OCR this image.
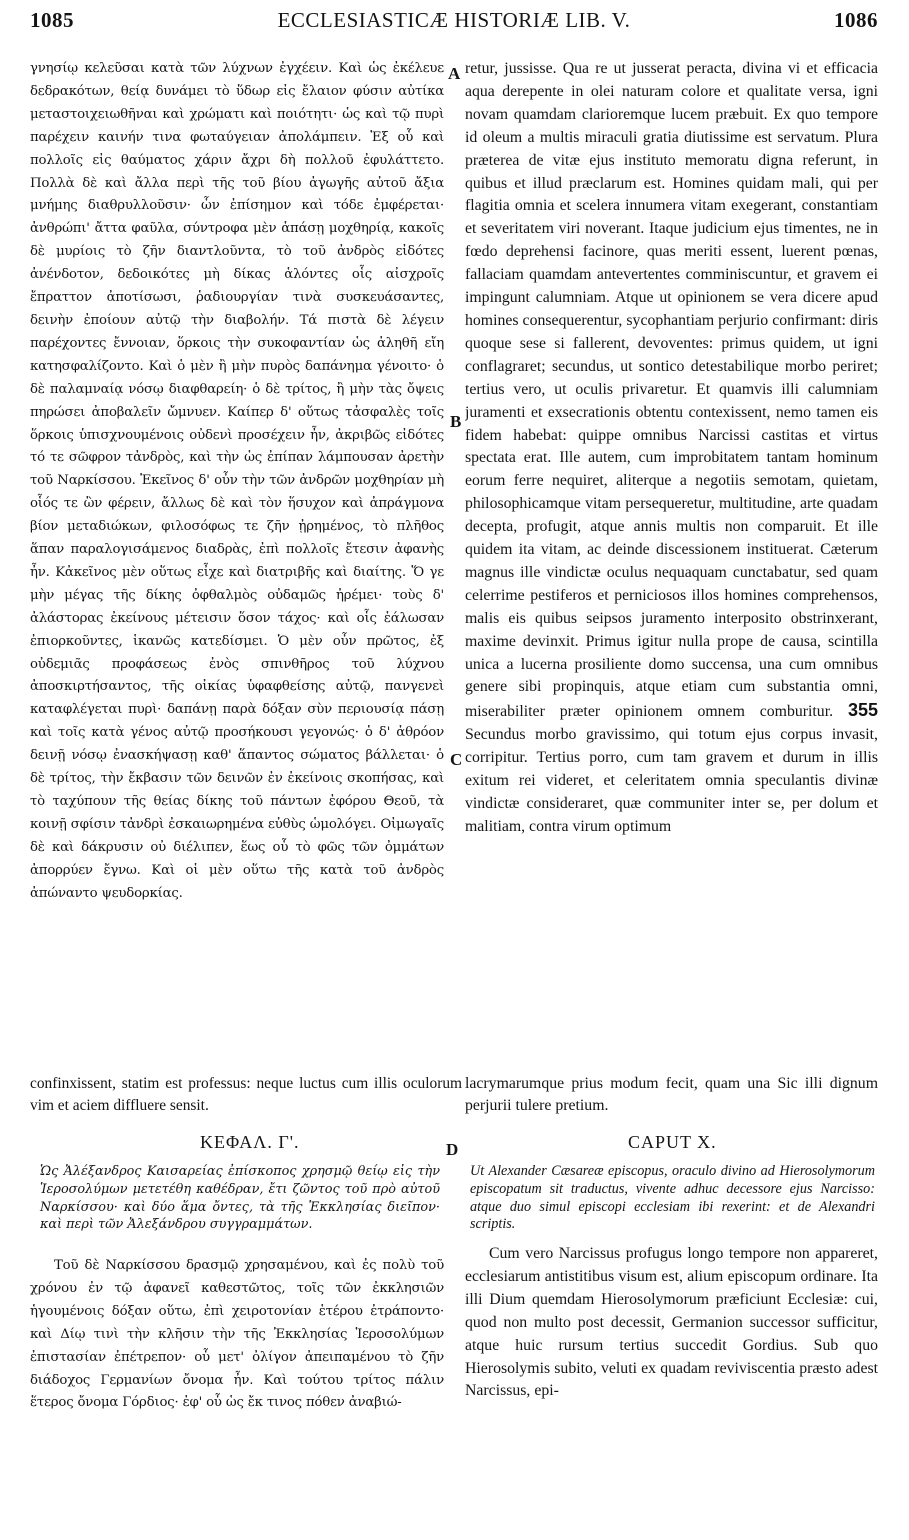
ECCLESIASTICÆ HISTORIÆ LIB. V.
1085	1086

γνησίῳ κελεῦσαι κατὰ τῶν λύχνων ἐγχέειν. Καὶ ὡς ἐκέλευε δεδρακότων, θείᾳ δυνάμει τὸ ὕδωρ εἰς ἔλαιον φύσιν αὐτίκα μεταστοιχειωθῆναι καὶ χρώματι καὶ ποιότητι· ὡς καὶ τῷ πυρὶ παρέχειν καινήν τινα φωταύγειαν ἀπολάμπειν. Ἐξ οὗ καὶ πολλοῖς εἰς θαύματος χάριν ἄχρι δὴ πολλοῦ ἐφυλάττετο. Πολλὰ δὲ καὶ ἄλλα περὶ τῆς τοῦ βίου ἀγωγῆς αὐτοῦ ἄξια μνήμης διαθρυλλοῦσιν· ὧν ἐπίσημον καὶ τόδε ἐμφέρεται· ἀνθρώπι' ἄττα φαῦλα, σύντροφα μὲν ἁπάσῃ μοχθηρίᾳ, κακοῖς δὲ μυρίοις τὸ ζῆν διαντλοῦντα, τὸ τοῦ ἀνδρὸς εἰδότες ἀνένδοτον, δεδοικότες μὴ δίκας ἁλόντες οἷς αἰσχροῖς ἔπραττον ἀποτίσωσι, ῥαδιουργίαν τινὰ συσκευάσαντες, δεινὴν ἐποίουν αὐτῷ τὴν διαβολήν. Τά πιστὰ δὲ λέγειν παρέχοντες ἔννοιαν, ὅρκοις τὴν συκοφαντίαν ὡς ἀληθῆ εἴη κατησφαλίζοντο. Καὶ ὁ μὲν ἢ μὴν πυρὸς δαπάνημα γένοιτο· ὁ δὲ παλαμναίᾳ νόσῳ διαφθαρείη· ὁ δὲ τρίτος, ἢ μὴν τὰς ὄψεις πηρώσει ἀποβαλεῖν ὤμνυεν. Καίπερ δ' οὕτως τἀσφαλὲς τοῖς ὅρκοις ὑπισχνουμένοις οὐδενὶ προσέχειν ἦν, ἀκριβῶς εἰδότες τό τε σῶφρον τἀνδρὸς, καὶ τὴν ὡς ἐπίπαν λάμπουσαν ἀρετὴν τοῦ Ναρκίσσου. Ἐκεῖνος δ' οὖν τὴν τῶν ἀνδρῶν μοχθηρίαν μὴ οἷός τε ὢν φέρειν, ἄλλως δὲ καὶ τὸν ἥσυχον καὶ ἀπράγμονα βίον μεταδιώκων, φιλοσόφως τε ζῆν ᾐρημένος, τὸ πλῆθος ἅπαν παραλογισάμενος διαδρὰς, ἐπὶ πολλοῖς ἔτεσιν ἀφανὴς ἦν. Κἀκεῖνος μὲν οὕτως εἶχε καὶ διατριβῆς καὶ διαίτης. Ὅ γε μὴν μέγας τῆς δίκης ὀφθαλμὸς οὐδαμῶς ἠρέμει· τοὺς δ' ἀλάστορας ἐκείνους μέτεισιν ὅσον τάχος· καὶ οἷς ἑάλωσαν ἐπιορκοῦντες, ἱκανῶς κατεδίσμει. Ὁ μὲν οὖν πρῶτος, ἐξ οὐδεμιᾶς προφάσεως ἐνὸς σπινθῆρος τοῦ λύχνου ἀποσκιρτήσαντος, τῆς οἰκίας ὑφαφθείσης αὐτῷ, πανγενεὶ καταφλέγεται πυρὶ· δαπάνῃ παρὰ δόξαν σὺν περιουσίᾳ πάσῃ καὶ τοῖς κατὰ γένος αὐτῷ προσήκουσι γεγονώς· ὁ δ' ἀθρόον δεινῇ νόσῳ ἐνασκήψασῃ καθ' ἅπαντος σώματος βάλλεται· ὁ δὲ τρίτος, τὴν ἔκβασιν τῶν δεινῶν ἐν ἐκείνοις σκοπήσας, καὶ τὸ ταχύπουν τῆς θείας δίκης τοῦ πάντων ἐφόρου Θεοῦ, τὰ κοινῇ σφίσιν τἀνδρὶ ἐσκαιωρημένα εὐθὺς ὡμολόγει. Οἰμωγαῖς δὲ καὶ δάκρυσιν οὐ διέλιπεν, ἕως οὗ τὸ φῶς τῶν ὀμμάτων ἀπορρύεν ἔγνω. Καὶ οἱ μὲν οὕτω τῆς κατὰ τοῦ ἀνδρὸς ἀπώναντο ψευδορκίας.

A
B
C
D

retur, jussisse. Qua re ut jusserat peracta, divina vi et efficacia aqua derepente in olei naturam colore et qualitate versa, igni novam quamdam clarioremque lucem præbuit. Ex quo tempore id oleum a multis miraculi gratia diutissime est servatum. Plura præterea de vitæ ejus instituto memoratu digna referunt, in quibus et illud præclarum est. Homines quidam mali, qui per flagitia omnia et scelera innumera vitam exegerant, constantiam et severitatem viri noverant. Itaque judicium ejus timentes, ne in fœdo deprehensi facinore, quas meriti essent, luerent pœnas, fallaciam quamdam antevertentes comminiscuntur, et gravem ei impingunt calumniam. Atque ut opinionem se vera dicere apud homines consequerentur, sycophantiam perjurio confirmant: diris quoque sese si fallerent, devoventes: primus quidem, ut igni conflagraret; secundus, ut sontico detestabilique morbo periret; tertius vero, ut oculis privaretur. Et quamvis illi calumniam juramenti et exsecrationis obtentu contexissent, nemo tamen eis fidem habebat: quippe omnibus Narcissi castitas et virtus spectata erat. Ille autem, cum improbitatem tantam hominum eorum ferre nequiret, aliterque a negotiis semotam, quietam, philosophicamque vitam persequeretur, multitudine, arte quadam decepta, profugit, atque annis multis non comparuit. Et ille quidem ita vitam, ac deinde discessionem instituerat. Cæterum magnus ille vindictæ oculus nequaquam cunctabatur, sed quam celerrime pestiferos et perniciosos illos homines comprehensos, malis eis quibus seipsos juramento interposito obstrinxerant, maxime devinxit. Primus igitur nulla prope de causa, scintilla unica a lucerna prosiliente domo succensa, una cum omnibus genere sibi propinquis, atque etiam cum substantia omni, miserabiliter præter opinionem omnem comburitur. 355 Secundus morbo gravissimo, qui totum ejus corpus invasit, corripitur. Tertius porro, cum tam gravem et durum in illis exitum rei videret, et celeritatem omnia speculantis divinæ vindictæ consideraret, quæ communiter inter se, per dolum et malitiam, contra virum optimum

confinxissent, statim est professus: neque luctus cum illis oculorum vim et aciem diffluere sensit.

lacrymarumque prius modum fecit, quam una Sic illi dignum perjurii tulere pretium.

ΚΕΦΑΛ. Γ'.	CAPUT X.
Ὡς Ἀλέξανδρος Καισαρείας ἐπίσκοπος χρησμῷ θείῳ εἰς τὴν Ἱεροσολύμων μετετέθη καθέδραν, ἔτι ζῶντος τοῦ πρὸ αὐτοῦ Ναρκίσσου· καὶ δύο ἅμα ὄντες, τὰ τῆς Ἐκκλησίας διεῖπον· καὶ περὶ τῶν Ἀλεξάνδρου συγγραμμάτων.
Ut Alexander Cæsareæ episcopus, oraculo divino ad Hierosolymorum episcopatum sit traductus, vivente adhuc decessore ejus Narcisso: atque duo simul episcopi ecclesiam ibi rexerint: et de Alexandri scriptis.

Τοῦ δὲ Ναρκίσσου δρασμῷ χρησαμένου, καὶ ἐς πολὺ τοῦ χρόνου ἐν τῷ ἀφανεῖ καθεστῶτος, τοῖς τῶν ἐκκλησιῶν ἡγουμένοις δόξαν οὕτω, ἐπὶ χειροτονίαν ἑτέρου ἐτράποντο· καὶ Δίῳ τινὶ τὴν κλῆσιν τὴν τῆς Ἐκκλησίας Ἱεροσολύμων ἐπιστασίαν ἐπέτρεπον· οὗ μετ' ὀλίγον ἀπειπαμένου τὸ ζῆν διάδοχος Γερμανίων ὄνομα ἦν. Καὶ τούτου τρίτος πάλιν ἕτερος ὄνομα Γόρδιος· ἐφ' οὗ ὡς ἔκ τινος πόθεν ἀναβιώ-

Cum vero Narcissus profugus longo tempore non appareret, ecclesiarum antistitibus visum est, alium episcopum ordinare. Ita illi Dium quemdam Hierosolymorum præficiunt Ecclesiæ: cui, quod non multo post decessit, Germanion successor sufficitur, atque huic rursum tertius succedit Gordius. Sub quo Hierosolymis subito, veluti ex quadam reviviscentia præsto adest Narcissus, epi-
